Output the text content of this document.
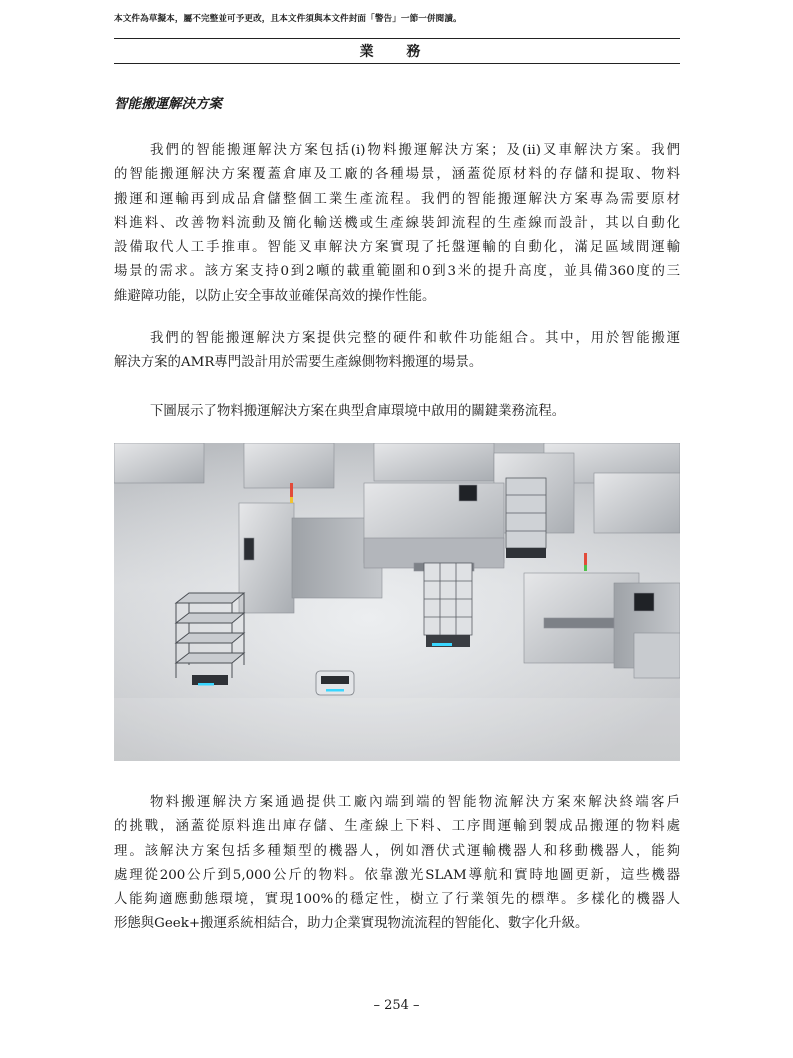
本文件為草擬本，屬不完整並可予更改，且本文件須與本文件封面「警告」一節一併閱讀。
業 務
智能搬運解決方案

我們的智能搬運解決方案包括(i)物料搬運解決方案；及(ii)叉車解決方案。我們
的智能搬運解決方案覆蓋倉庫及工廠的各種場景，涵蓋從原材料的存儲和提取、物料
搬運和運輸再到成品倉儲整個工業生產流程。我們的智能搬運解決方案專為需要原材
料進料、改善物料流動及簡化輸送機或生產線裝卸流程的生產線而設計，其以自動化
設備取代人工手推車。智能叉車解決方案實現了托盤運輸的自動化，滿足區域間運輸
場景的需求。該方案支持0到2噸的載重範圍和0到3米的提升高度，並具備360度的三
維避障功能，以防止安全事故並確保高效的操作性能。

我們的智能搬運解決方案提供完整的硬件和軟件功能組合。其中，用於智能搬運
解決方案的AMR專門設計用於需要生產線側物料搬運的場景。

下圖展示了物料搬運解決方案在典型倉庫環境中啟用的關鍵業務流程。

物料搬運解決方案通過提供工廠內端到端的智能物流解決方案來解決終端客戶
的挑戰，涵蓋從原料進出庫存儲、生產線上下料、工序間運輸到製成品搬運的物料處
理。該解決方案包括多種類型的機器人，例如潛伏式運輸機器人和移動機器人，能夠
處理從200公斤到5,000公斤的物料。依靠激光SLAM導航和實時地圖更新，這些機器
人能夠適應動態環境，實現100%的穩定性，樹立了行業領先的標準。多樣化的機器人
形態與Geek+搬運系統相結合，助力企業實現物流流程的智能化、數字化升級。

– 254 –
